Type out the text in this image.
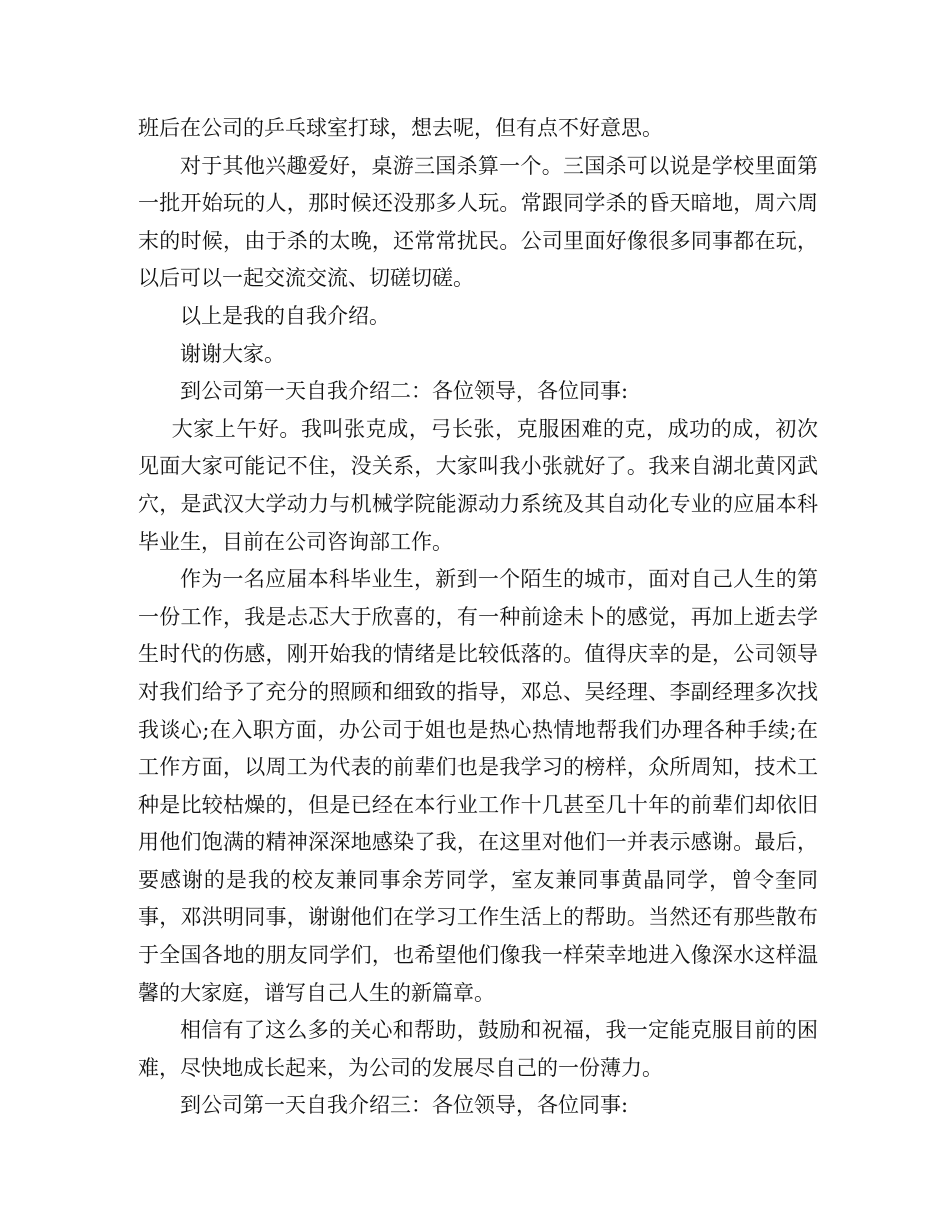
班后在公司的乒乓球室打球，想去呢，但有点不好意思。

对于其他兴趣爱好，桌游三国杀算一个。三国杀可以说是学校里面第一批开始玩的人，那时候还没那多人玩。常跟同学杀的昏天暗地，周六周末的时候，由于杀的太晚，还常常扰民。公司里面好像很多同事都在玩，以后可以一起交流交流、切磋切磋。

以上是我的自我介绍。

谢谢大家。

到公司第一天自我介绍二：各位领导，各位同事:

大家上午好。我叫张克成，弓长张，克服困难的克，成功的成，初次见面大家可能记不住，没关系，大家叫我小张就好了。我来自湖北黄冈武穴，是武汉大学动力与机械学院能源动力系统及其自动化专业的应届本科毕业生，目前在公司咨询部工作。

作为一名应届本科毕业生，新到一个陌生的城市，面对自己人生的第一份工作，我是忐忑大于欣喜的，有一种前途未卜的感觉，再加上逝去学生时代的伤感，刚开始我的情绪是比较低落的。值得庆幸的是，公司领导对我们给予了充分的照顾和细致的指导，邓总、吴经理、李副经理多次找我谈心;在入职方面，办公司于姐也是热心热情地帮我们办理各种手续;在工作方面，以周工为代表的前辈们也是我学习的榜样，众所周知，技术工种是比较枯燥的，但是已经在本行业工作十几甚至几十年的前辈们却依旧用他们饱满的精神深深地感染了我，在这里对他们一并表示感谢。最后，要感谢的是我的校友兼同事余芳同学，室友兼同事黄晶同学，曾令奎同事，邓洪明同事，谢谢他们在学习工作生活上的帮助。当然还有那些散布于全国各地的朋友同学们，也希望他们像我一样荣幸地进入像深水这样温馨的大家庭，谱写自己人生的新篇章。

相信有了这么多的关心和帮助，鼓励和祝福，我一定能克服目前的困难，尽快地成长起来，为公司的发展尽自己的一份薄力。

到公司第一天自我介绍三：各位领导，各位同事:
